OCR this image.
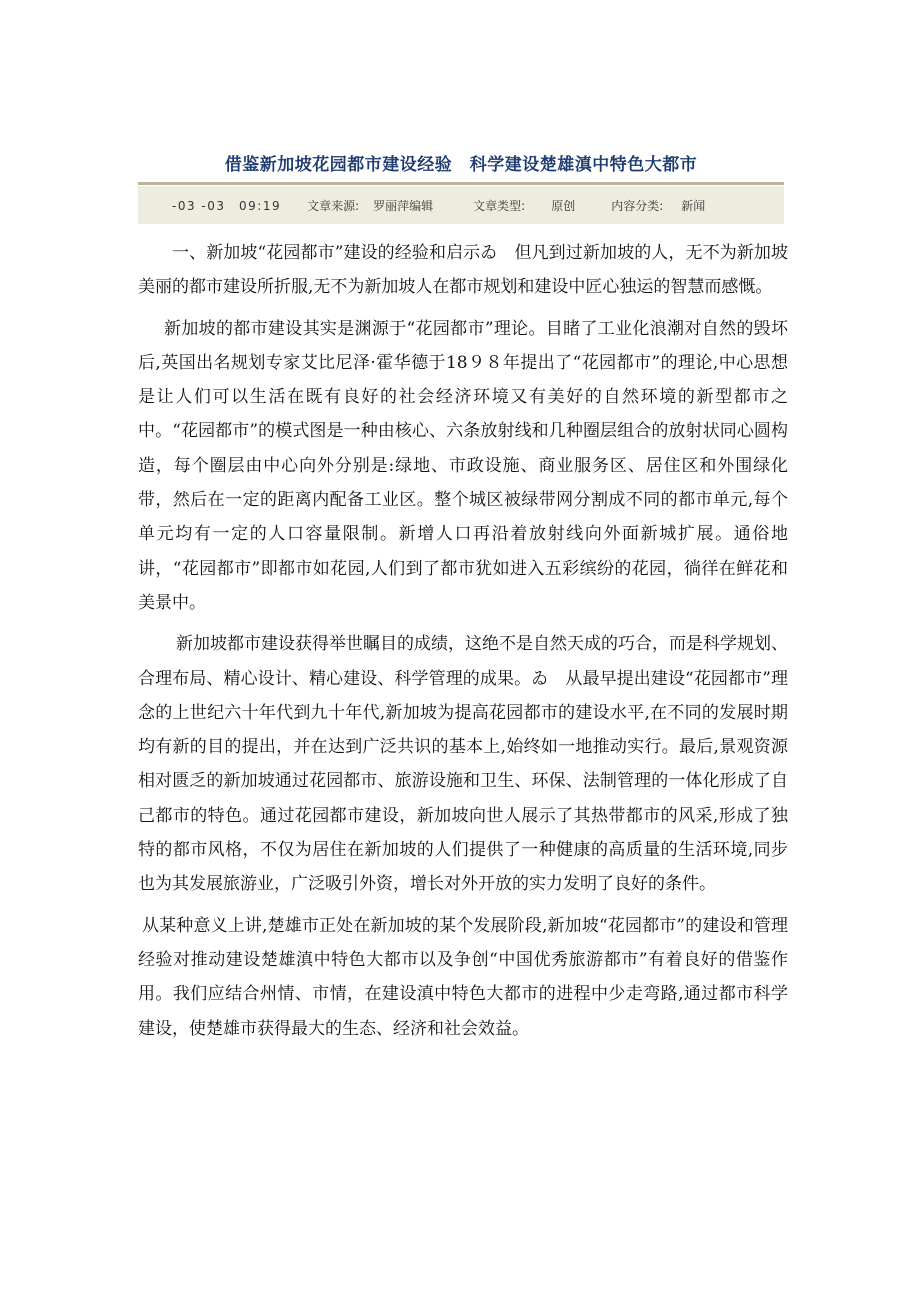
借鉴新加坡花园都市建设经验　科学建设楚雄滇中特色大都市
-03 -03　09:19 文章来源: 罗丽萍编辑	文章类型: 原创	内容分类: 新闻

一、新加坡“花园都市”建设的经验和启示ゐ　但凡到过新加坡的人，无不为新加坡美丽的都市建设所折服,无不为新加坡人在都市规划和建设中匠心独运的智慧而感慨。

新加坡的都市建设其实是渊源于“花园都市”理论。目睹了工业化浪潮对自然的毁坏后,英国出名规划专家艾比尼泽·霍华德于18９８年提出了“花园都市”的理论,中心思想是让人们可以生活在既有良好的社会经济环境又有美好的自然环境的新型都市之中。“花园都市”的模式图是一种由核心、六条放射线和几种圈层组合的放射状同心圆构造，每个圈层由中心向外分别是:绿地、市政设施、商业服务区、居住区和外围绿化带，然后在一定的距离内配备工业区。整个城区被绿带网分割成不同的都市单元,每个单元均有一定的人口容量限制。新增人口再沿着放射线向外面新城扩展。通俗地讲，“花园都市”即都市如花园,人们到了都市犹如进入五彩缤纷的花园，徜徉在鲜花和美景中。

新加坡都市建设获得举世瞩目的成绩，这绝不是自然天成的巧合，而是科学规划、合理布局、精心设计、精心建设、科学管理的成果。ゐ　从最早提出建设“花园都市”理念的上世纪六十年代到九十年代,新加坡为提高花园都市的建设水平,在不同的发展时期均有新的目的提出，并在达到广泛共识的基本上,始终如一地推动实行。最后,景观资源相对匮乏的新加坡通过花园都市、旅游设施和卫生、环保、法制管理的一体化形成了自己都市的特色。通过花园都市建设，新加坡向世人展示了其热带都市的风采,形成了独特的都市风格，不仅为居住在新加坡的人们提供了一种健康的高质量的生活环境,同步也为其发展旅游业，广泛吸引外资，增长对外开放的实力发明了良好的条件。

从某种意义上讲,楚雄市正处在新加坡的某个发展阶段,新加坡“花园都市”的建设和管理经验对推动建设楚雄滇中特色大都市以及争创“中国优秀旅游都市”有着良好的借鉴作用。我们应结合州情、市情，在建设滇中特色大都市的进程中少走弯路,通过都市科学建设，使楚雄市获得最大的生态、经济和社会效益。
